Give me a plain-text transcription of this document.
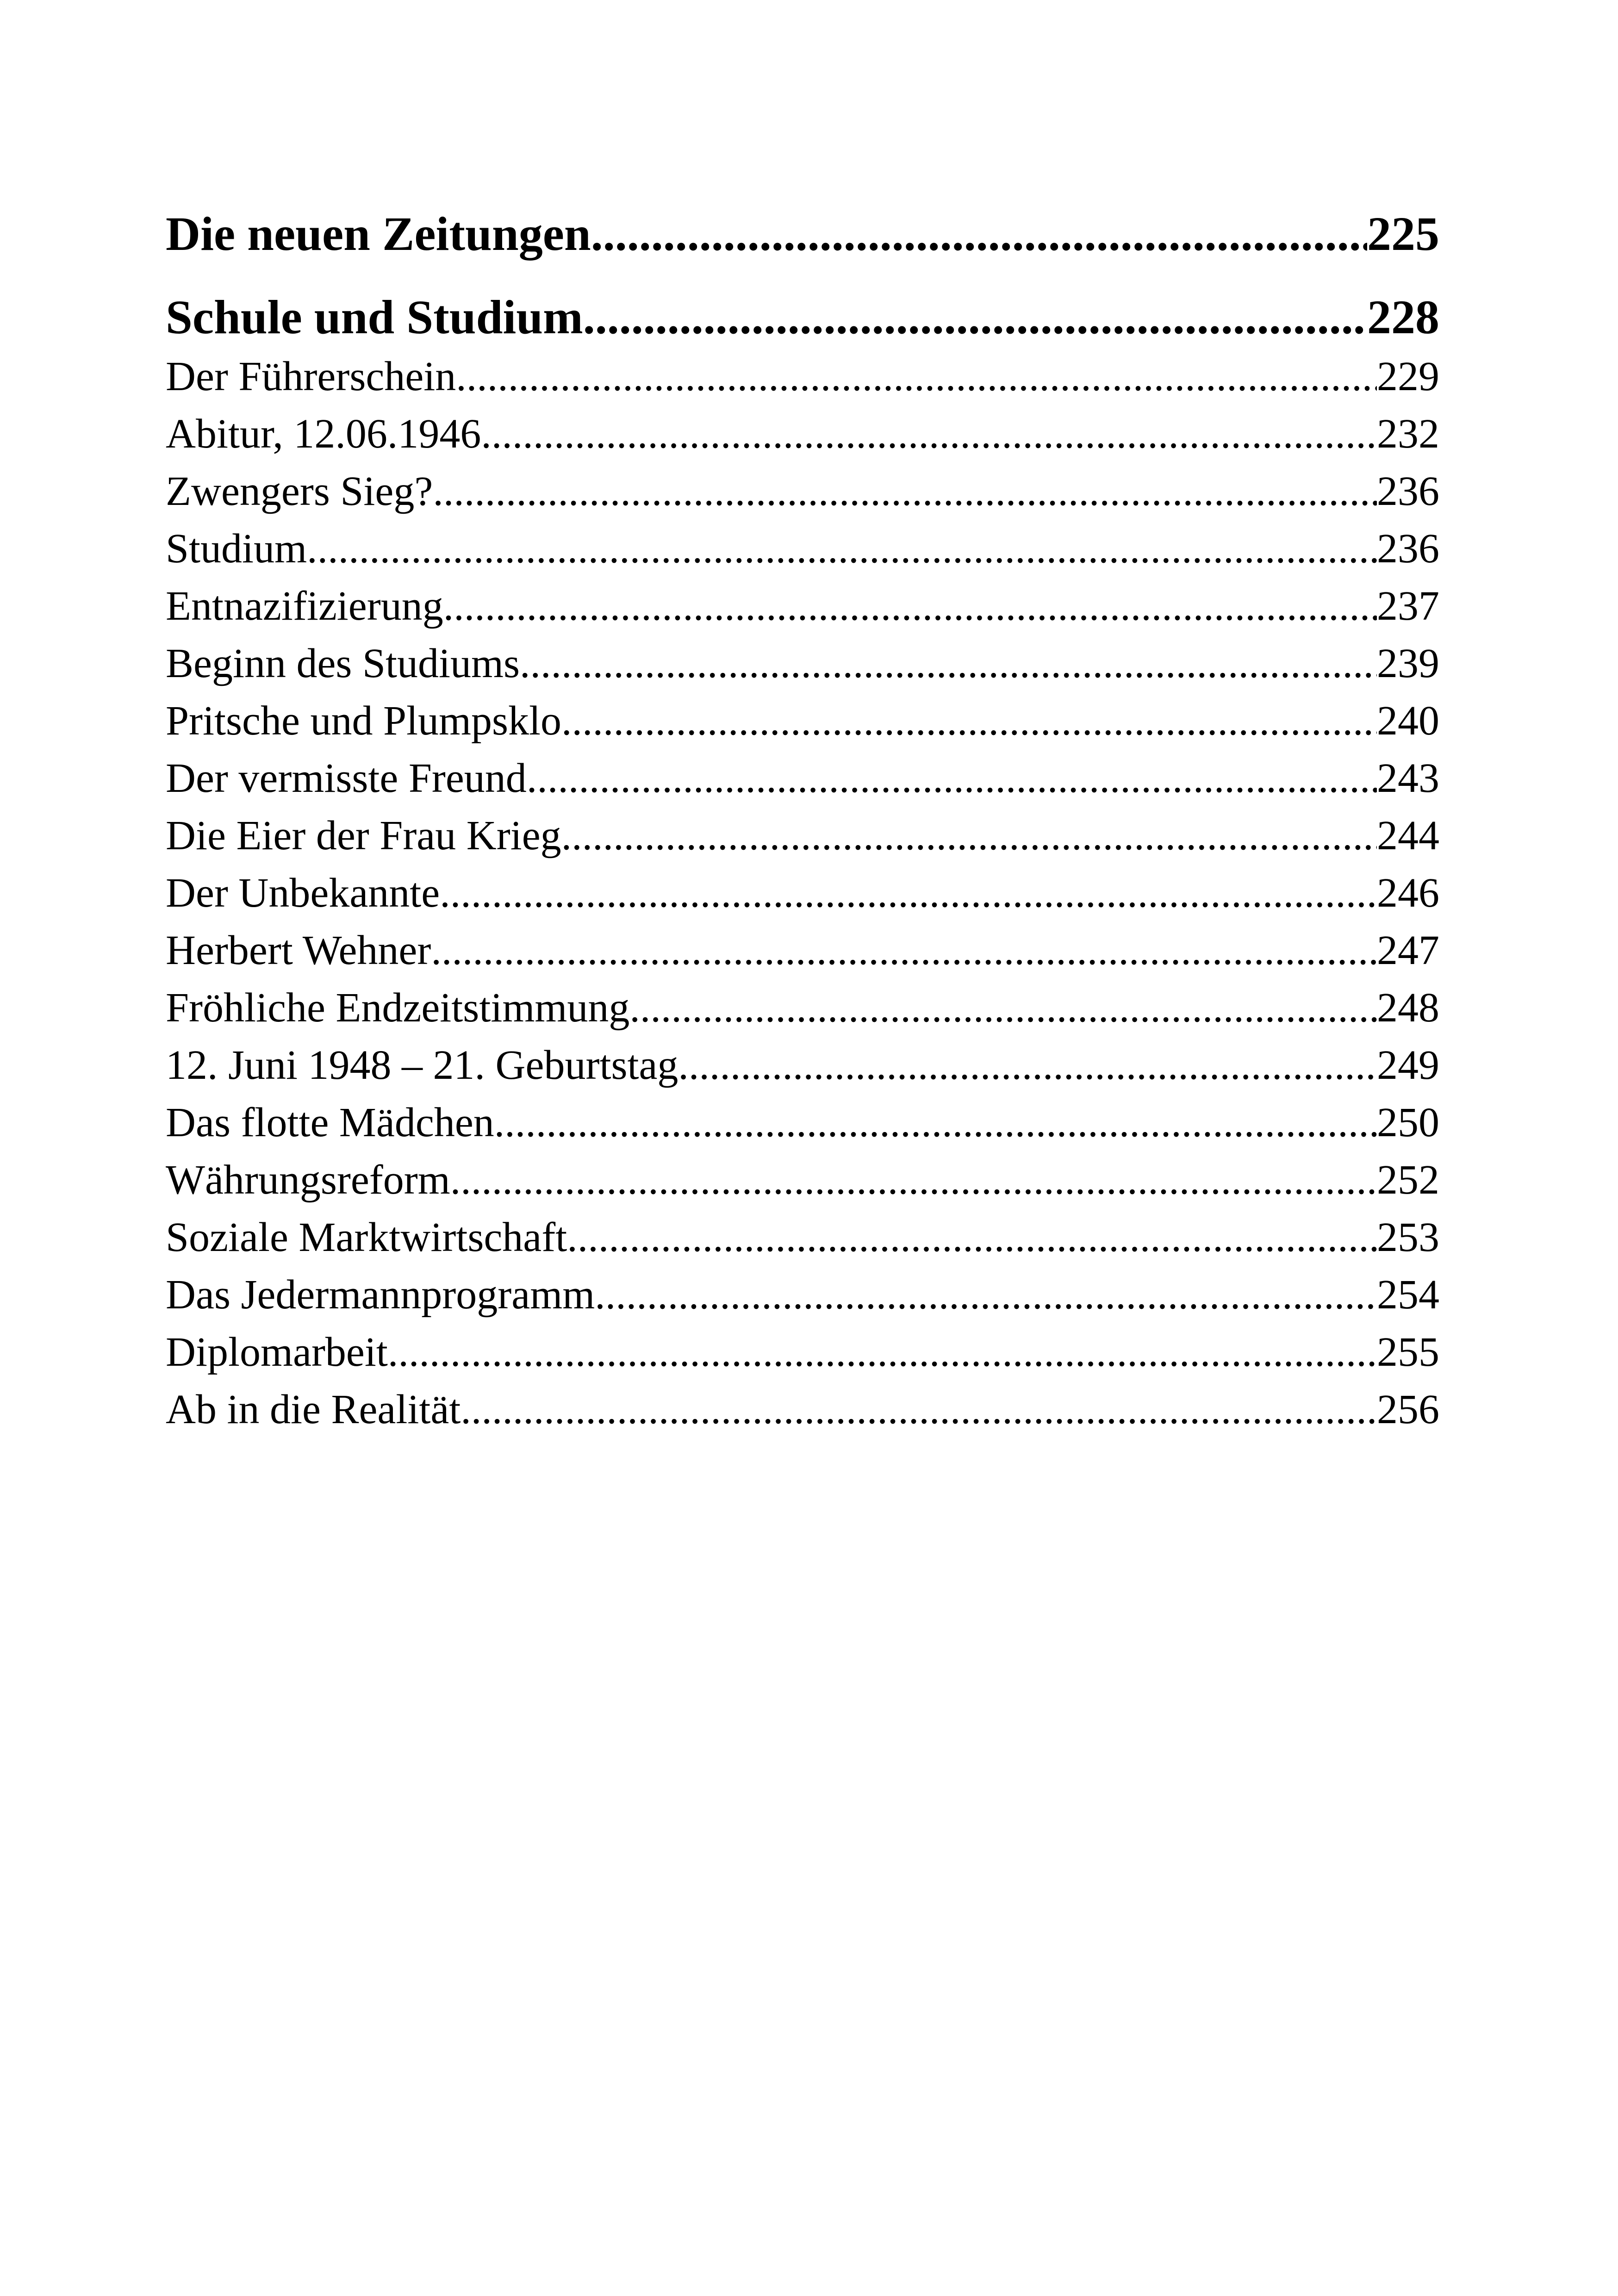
Die neuen Zeitungen .....	225
Schule und Studium .....	228
Der Führerschein .....	229
Abitur, 12.06.1946 .....	232
Zwengers Sieg? .....	236
Studium .....	236
Entnazifizierung .....	237
Beginn des Studiums .....	239
Pritsche und Plumpsklo .....	240
Der vermisste Freund .....	243
Die Eier der Frau Krieg .....	244
Der Unbekannte .....	246
Herbert Wehner .....	247
Fröhliche Endzeitstimmung .....	248
12. Juni 1948 – 21. Geburtstag .....	249
Das flotte Mädchen .....	250
Währungsreform .....	252
Soziale Marktwirtschaft .....	253
Das Jedermannprogramm .....	254
Diplomarbeit .....	255
Ab in die Realität .....	256
